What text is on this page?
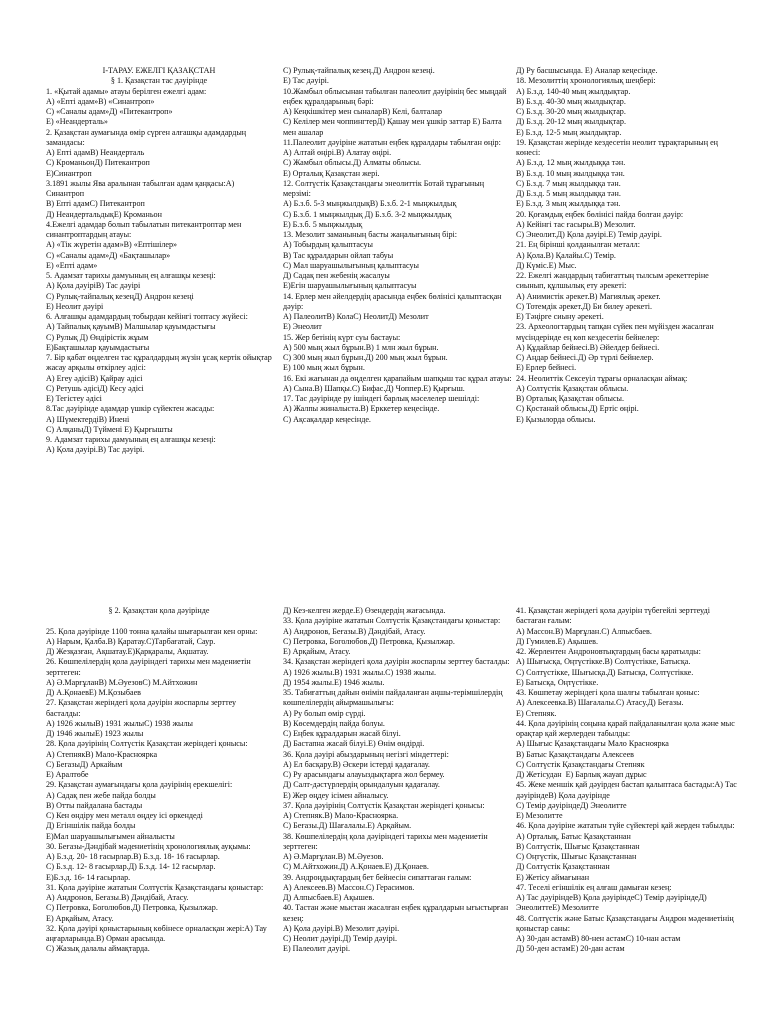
I-ТАРАУ. ЕЖЕЛГІ ҚАЗАҚСТАН
§ 1. Қазақстан тас дәуірінде
1. «Қытай адамы» атауы берілген ежелгі адам:
А) «Епті адам»В) «Синантроп»
С) «Саналы адам»Д) «Питекантроп»
Е) «Неандерталь»
2. Қазақстан аумағында өмір сүрген алғашқы адамдардың замандасы:
А) Епті адамВ) Неандерталь
С) КроманьонД) Питекантроп
Е)Синантроп
3.1891 жылы Ява аралынан табылған адам қаңқасы:А) Синантроп
В) Епті адамС) Питекантроп
Д) НеандертальдықЕ) Кроманьон
4.Ежелгі адамдар болып табылатын питекантроптар мен синантроптардың атауы:
А) «Тік жүретін адам»В) «Ептішілер»
С) «Саналы адам»Д) «Бақташылар»
Е) «Епті адам»
5. Адамзат тарихы дамуының ең алғашқы кезеңі:
А) Қола дәуіріВ) Тас дәуірі
С) Рулық-тайпалық кезеңД) Андрон кезеңі
Е) Неолит дәуірі
6. Алғашқы адамдардың тобырдан кейінгі топтасу жүйесі:
А) Тайпалық қауымВ) Малшылар қауымдастығы
С) Рулық Д) Өндірістік жұым
Е)Бақташылар қауымдастығы
7. Бір қабат өңделген тас құралдардың жүзін ұсақ кертік ойықтар жасау арқылы өткірлеу әдісі:
А) Егеу әдісіВ) Қайрау әдісі
С) Ретушь әдісіД) Кесу әдісі
Е) Тегістеу әдісі
8.Тас дәуірінде адамдар үшкір сүйектен жасады:
А) ШүмектердіВ) Инені
С) АлқаныД) Түйменi Е) Қырғышты
9. Адамзат тарихы дамуының ең алғашқы кезеңі:
А) Қола дәуірі.В) Тас дәуірі.
С) Рулық-тайпалық кезең.Д) Андрон кезеңі.
Е) Тас дәуірі.
10.Жамбыл облысынан табылған палеолит дәуірінің бес мыңдай еңбек құралдарының бәрі:
А) Кеңкішкітер мен сыналарВ) Келі, балталар
С) Келілер мен чоппингтерД) Қашау мен ұшкір заттар Е) Балта мен ашалар
11.Палеолит дәуіріне жататын еңбек құралдары табылған өңір:
А) Алтай өңірі.В) Алатау өңірі.
С) Жамбыл облысы.Д) Алматы облысы.
Е) Орталық Қазақстан жері.
12. Солтүстік Қазақстандағы энеолиттік Ботай тұрағының мерзімі:
А) Б.з.б. 5-3 мыңжылдықВ) Б.з.б. 2-1 мыңжылдық
С) Б.з.б. 1 мыңжылдық Д) Б.з.б. 3-2 мыңжылдық
Е) Б.з.б. 5 мыңжылдық
13. Мезолит заманының басты жаңалығының бірі:
А) Тобырдың қалыптасуы
В) Тас құралдарын ойлап табуы
С) Мал шаруашылығының қалыптасуы
Д) Садақ пен жебенің жасалуы
Е)Егін шаруашылығының қалыптасуы
14. Ерлер мен әйелдердің арасында еңбек бөлінісі қалыптасқан дәуір:
А) ПалеолитВ) КолаС) НеолитД) Мезолит
Е) Энеолит
15. Жер бетінің күрт суы бастауы:
А) 500 мың жыл бұрын.В) 1 млн жыл бұрын.
С) 300 мың жыл бұрын.Д) 200 мың жыл бұрын.
Е) 100 мың жыл бұрын.
16. Екі жағынан да өңделген қарапайым шапқыш тас құрал атауы:
А) Сына.В) Шапқы.С) Бифас.Д) Чоппер.Е) Қырғыш.
17. Тас дәуірінде ру ішіндегі барлық мәселелер шешілді:
А) Жалпы жиналыста.В) Ерккетер кеңесінде.
С) Ақсақалдар кеңесінде.
Д) Ру басшысында. Е) Аналар кеңесінде.
18. Мезолиттің хронологиялық шеңбері:
А) Б.з.д. 140-40 мың жылдықтар.
В) Б.з.д. 40-30 мың жылдықтар.
С) Б.з.д. 30-20 мың жылдықтар.
Д) Б.з.д. 20-12 мың жылдықтар.
Е) Б.з.д. 12-5 мың жылдықтар.
19. Қазақстан жерінде кездесетін неолит тұрақтарының ең көнесі:
А) Б.з.д. 12 мың жылдыққа тән.
В) Б.з.д. 10 мың жылдыққа тән.
С) Б.з.д. 7 мың жылдыққа тән.
Д) Б.з.д. 5 мың жылдыққа тән.
Е) Б.з.д. 3 мың жылдыққа тән.
20. Қоғамдық еңбек бөлінісі пайда болған дәуір:
А) Кейінгі тас ғасыры.В) Мезолит.
С) Энеолит.Д) Қола дәуірі.Е) Темір дәуірі.
21. Ең бірінші қолданылған металл:
А) Қола.В) Қалайы.С) Темір.
Д) Күміс.Е) Мыс.
22. Ежелгі жандардың табиғаттың тылсым әрекеттеріне сиынып, құлшылық ету әрекеті:
А) Анимистік әрекет.В) Магиялық әрекет.
С) Тотемдік әрекет.Д) Би билеу әрекеті.
Е) Тәңірге сиыну әрекеті.
23. Археологтардың тапқан сүйек пен мүйізден жасалған мүсіндерінде ең көп кездесетін бейнелер:
А) Құдайлар бейнесі.В) Әйелдер бейнесі.
С) Аңдар бейнесі.Д) Әр түрлі бейнелер.
Е) Ерлер бейнесі.
24. Неолиттік Сексеуіл тұрағы орналасқан аймақ:
А) Солтүстік Қазақстан облысы.
В) Орталық Қазақстан облысы.
С) Қостанай облысы.Д) Ертіс өңірі.
Е) Қызылорда облысы.
§ 2. Қазақстан қола дәуірінде

25. Қола дәуірінде 1100 тонна қалайы шығарылған кен орны:
А) Нарым, Қалба.В) Қаратау.С)Тарбағатай, Саур.
Д) Жезқазған, Ақшатау.Е)Қарқаралы, Ақшатау.
26. Көшпелілердің қола дәуіріндегі тарихы мен мәдениетін зерттеген:
А) Ә.МарғұланВ) М.ӘуезовС) М.Айтхожин
Д) А.ҚонаевЕ) М.Қозыбаев
27. Қазақстан жеріндегі қола дәуірін жоспарлы зерттеу басталды:
А) 1926 жылыВ) 1931 жылыС) 1938 жылы
Д) 1946 жылыЕ) 1923 жылы
28. Қола дәуірінің Солтүстік Қазақстан жеріндегі қонысы:
А) СтепнякВ) Мало-Красноярка
С) БегазыД) Аркайым
Е) Аралтөбе
29. Қазақстан аумағындағы қола дәуірінің ерекшелігі:
А) Садақ пен жебе пайда болды
В) Отты пайдалана бастады
С) Кен өндіру мен металл өңдеу ісі өркендеді
Д) Егіншілік пайда болды
Е)Мал шаруашылығымен айналысты
30. Беғазы-Дәндібай мәдениетінің хронологиялық ауқымы:
А) Б.з.д. 20- 18 ғасырлар.В) Б.з.д. 18- 16 ғасырлар.
С) Б.з.д. 12- 8 ғасырлар.Д) Б.з.д. 14- 12 ғасырлар.
Е)Б.з.д. 16- 14 ғасырлар.
31. Қола дәуіріне жататын Солтүстік Қазақстандағы қоныстар:
А) Андронов, Беғазы.В) Дәндібай, Атасу.
С) Петровка, Боголюбов.Д) Петровка, Қызылжар.
Е) Арқайым, Атасу.
32. Қола дәуірі қоныстарының көбінесе орналасқан жері:А) Тау аңғарларында.В) Орман арасында.
С) Жазық далалы аймақтарда.
Д) Кез-келген жерде.Е) Өзендердің жағасында.
33. Қола дәуіріне жататын Солтүстік Қазақстандағы қоныстар:
А) Андронов, Беғазы.В) Дәндібай, Атасу.
С) Петровка, Боголюбов.Д) Петровка, Қызылжар.
Е) Арқайым, Атасу.
34. Қазақстан жеріндегі қола дәуірін жоспарлы зерттеу басталды:
А) 1926 жылы.В) 1931 жылы.С) 1938 жылы.
Д) 1954 жылы.Е) 1946 жылы.
35. Табиғаттың дайын өнімін пайдаланған аңшы-терімшілердің көшпелілердің айырмашылығы:
А) Ру болып өмір сүрді.
В) Көсемдердің пайда болуы.
С) Еңбек құралдарын жасай білуі.
Д) Бастапна жасай білуі.Е) Өнім өндірді.
36. Қола дәуірі абыздарының негізгі міндеттері:
А) Ел басқару.В) Әскери істерді қадағалау.
С) Ру арасындағы алауыздықтарға жол бермеу.
Д) Салт-дәстүрлердің орындалуын қадағалау.
Е) Жер өңдеу ісімен айналысу.
37. Қола дәуірінің Солтүстік Қазақстан жеріндегі қонысы:
А) Степняк.В) Мало-Красноярка.
С) Беғазы.Д) Шағалалы.Е) Арқайым.
38. Көшпелілердің қола дәуіріндегі тарихы мен мәдениетін зерттеген:
А) Ә.Марғұлан.В) М.Әуезов.
С) М.Айтхожин.Д) А.Қонаев.Е) Д.Қонаев.
39. Андроңдықтардың бет бейнесін сипаттаған ғалым:
А) Алексеев.В) Массон.С) Герасимов.
Д) Алпысбаев.Е) Ақышев.
40. Тастан және мыстан жасалған еңбек құралдарын ығыстырған кезең:
А) Қола дәуірі.В) Мезолит дәуірі.
С) Неолит дәуірі.Д) Темір дәуірі.
Е) Палеолит дәуірі.
41. Қазақстан жеріндегі қола дәуірін түбегейлі зерттеуді бастаған ғалым:
А) Массон.В) Марғұлан.С) Алпысбаев.
Д) Гумилев.Е) Ақышев.
42. Жерлентен Андроновтықтардың басы қаратылды:
А) Шығысқа, Оңтүстікке.В) Солтүстікке, Батысқа.
С) Солтүстікке, Шығысқа.Д) Батысқа, Солтүстікке.
Е) Батысқа, Оңтүстікке.
43. Көшпетау жеріндегі қола шалғы табылған қоныс:
А) Алексеевка.В) Шағалалы.С) Атасу.Д) Беғазы.
Е) Степняк.
44. Қола дәуірінің соңына қарай пайдаланылған қола және мыс орақтар қай жерлерден табылды:
А) Шығыс Қазақстандағы Мало Красноярка
В) Батыс Қазақстандағы Алексеев
С) Солтүстік Қазақстандағы Степняк
Д) Жетісудан  Е) Барлық жауап дұрыс
45. Жеке меншік қай дәуірден бастап қалыптаса бастады:А) Тас дәуіріндеВ) Қола дәуірінде
С) Темір дәуіріндеД) Энеолитте
Е) Мезолитте
46. Қола дәуіріне жататын түйе сүйектері қай жерден табылды:
А) Орталық, Батыс Қазақстаннан
В) Солтүстік, Шығыс Қазақстаннан
С) Оңтүстік, Шығыс Қазақстаннан
Д) Солтүстік Қазақстаннан
Е) Жетісу аймағынан
47. Теселі егіншілік ең алғаш дамыған кезең:
А) Тас дәуіріндеВ) Қола дәуіріндеС) Темір дәуіріндеД) ЭнеолиттеЕ) Мезолитте
48. Солтүстік және Батыс Қазақстандағы Андрон мәдениетінің қоныстар саны:
А) 30-дан астамВ) 80-нен астамС) 10-нан астам
Д) 50-ден астамЕ) 20-дан астам
